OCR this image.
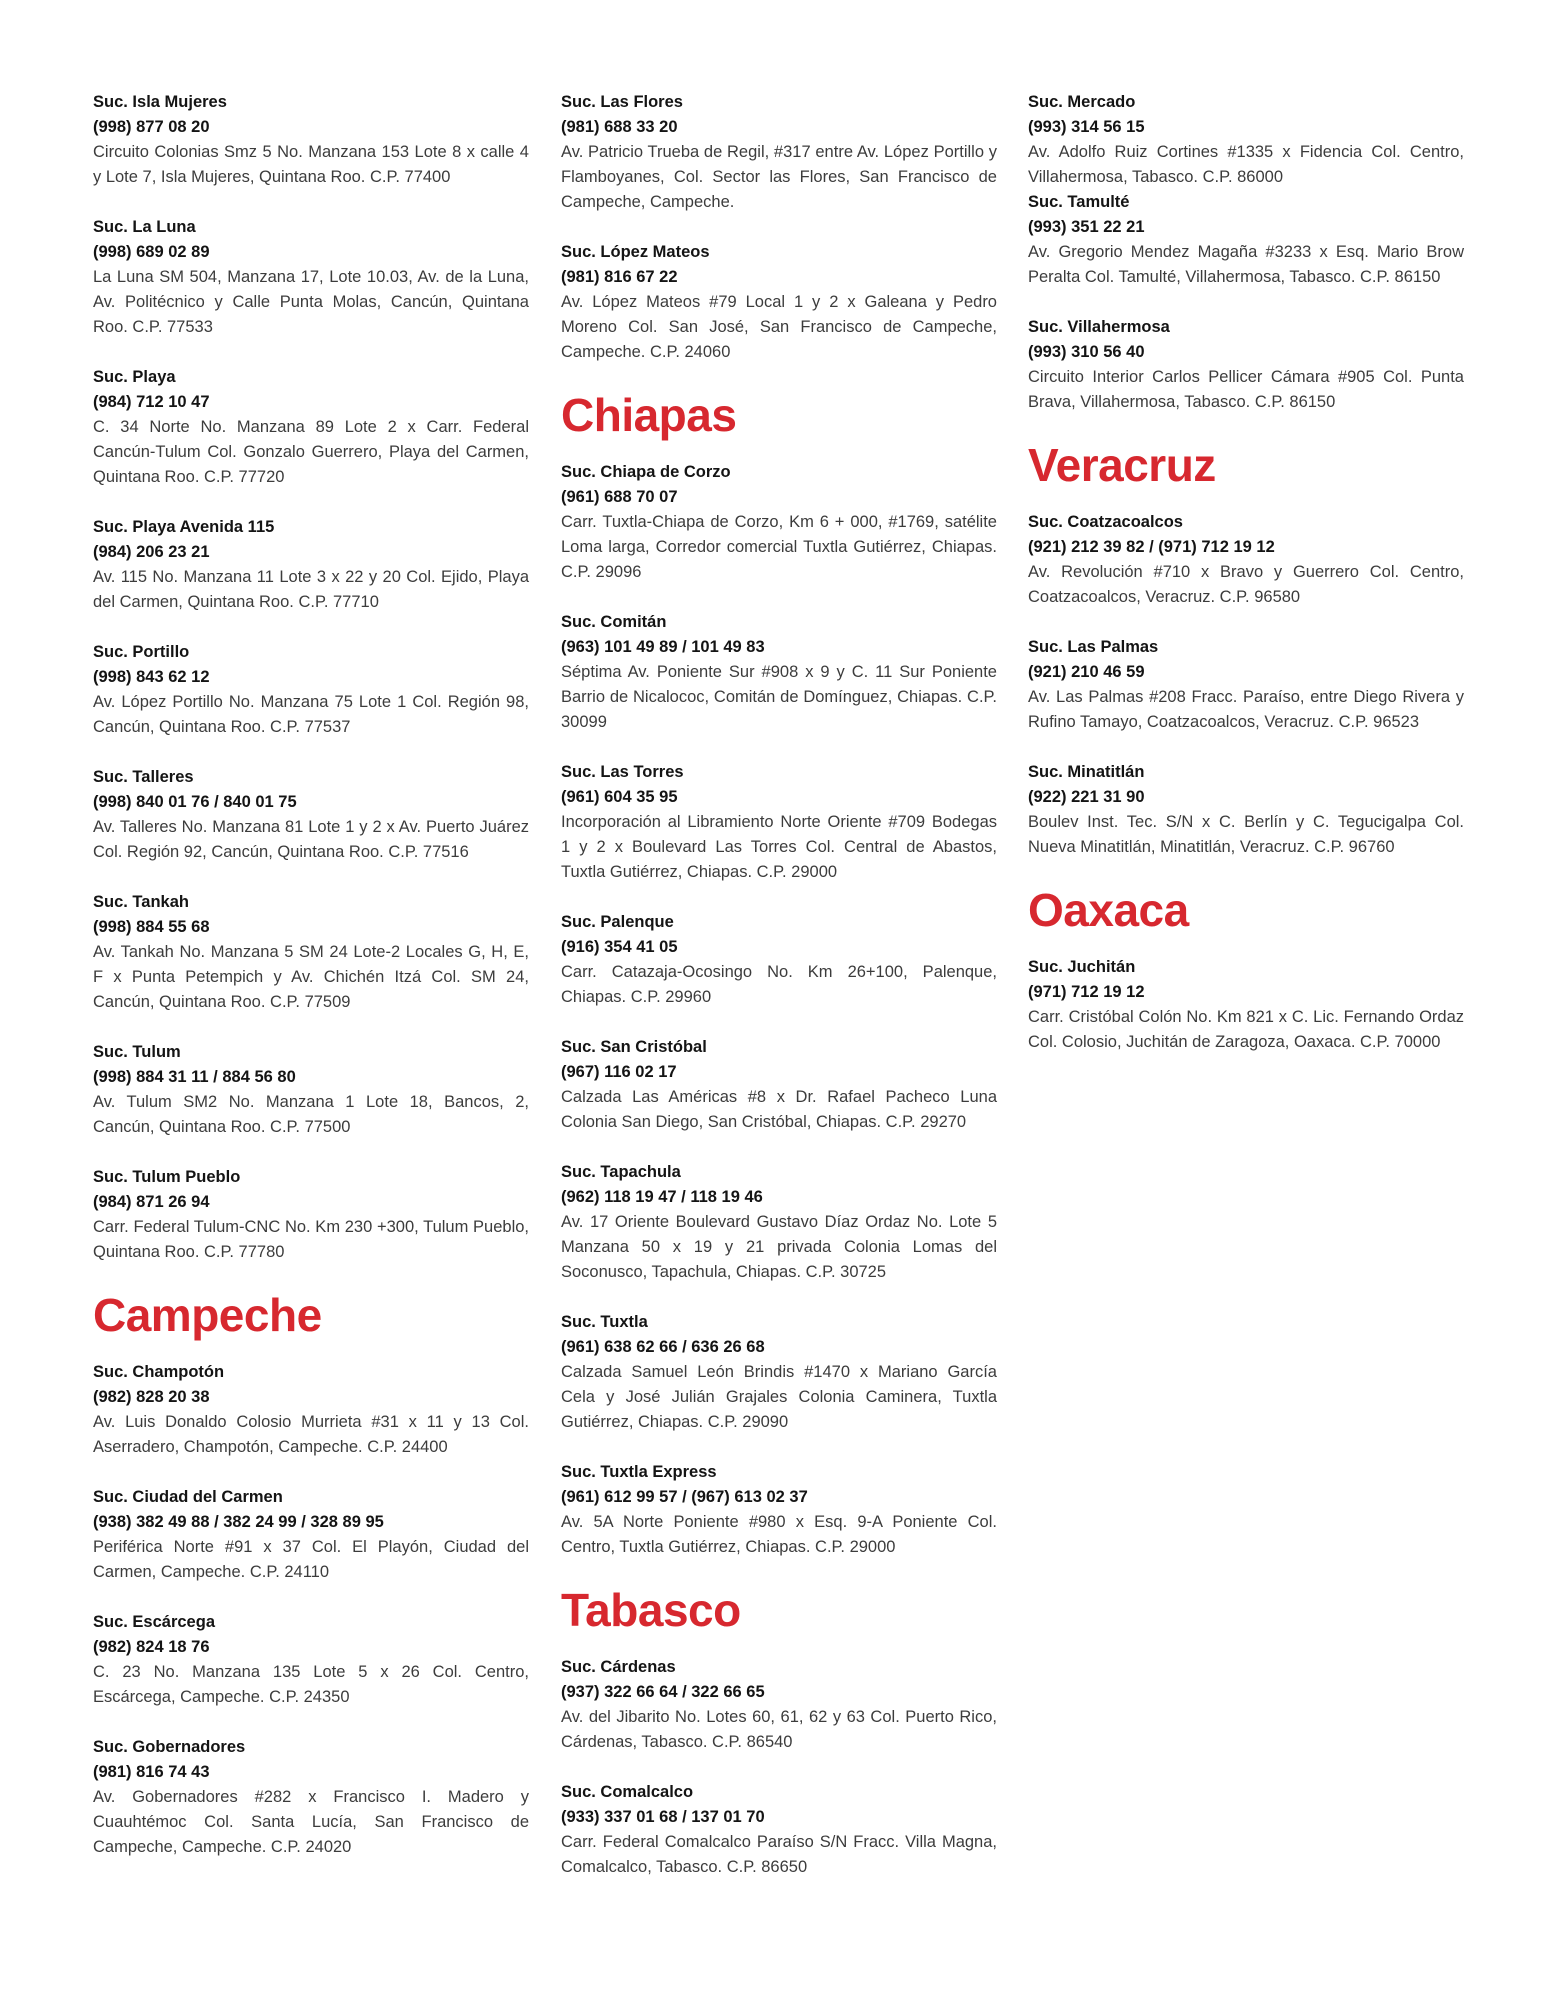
Suc. Isla Mujeres
(998) 877 08 20
Circuito Colonias Smz 5 No. Manzana 153 Lote 8 x calle 4 y Lote 7, Isla Mujeres, Quintana Roo. C.P. 77400
Suc. La Luna
(998) 689 02 89
La Luna SM 504, Manzana 17, Lote 10.03, Av. de la Luna, Av. Politécnico y Calle Punta Molas, Cancún, Quintana Roo. C.P. 77533
Suc. Playa
(984) 712 10 47
C. 34 Norte No. Manzana 89 Lote 2 x Carr. Federal Cancún-Tulum Col. Gonzalo Guerrero, Playa del Carmen, Quintana Roo. C.P. 77720
Suc. Playa Avenida 115
(984) 206 23 21
Av. 115 No. Manzana 11 Lote 3 x 22 y 20 Col. Ejido, Playa del Carmen, Quintana Roo. C.P. 77710
Suc. Portillo
(998) 843 62 12
Av. López Portillo No. Manzana 75 Lote 1 Col. Región 98, Cancún, Quintana Roo. C.P. 77537
Suc. Talleres
(998) 840 01 76 / 840 01 75
Av. Talleres No. Manzana 81 Lote 1 y 2 x Av. Puerto Juárez Col. Región 92, Cancún, Quintana Roo. C.P. 77516
Suc. Tankah
(998) 884 55 68
Av. Tankah No. Manzana 5 SM 24 Lote-2 Locales G, H, E, F x Punta Petempich y Av. Chichén Itzá Col. SM 24, Cancún, Quintana Roo. C.P. 77509
Suc. Tulum
(998) 884 31 11 / 884 56 80
Av. Tulum SM2 No. Manzana 1 Lote 18, Bancos, 2, Cancún, Quintana Roo. C.P. 77500
Suc. Tulum Pueblo
(984) 871 26 94
Carr. Federal Tulum-CNC No. Km 230 +300, Tulum Pueblo, Quintana Roo. C.P. 77780
Campeche
Suc. Champotón
(982) 828 20 38
Av. Luis Donaldo Colosio Murrieta #31 x 11 y 13 Col. Aserradero, Champotón, Campeche. C.P. 24400
Suc. Ciudad del Carmen
(938) 382 49 88 / 382 24 99 / 328 89 95
Periférica Norte #91 x 37 Col. El Playón, Ciudad del Carmen, Campeche. C.P. 24110
Suc. Escárcega
(982) 824 18 76
C. 23 No. Manzana 135 Lote 5 x 26 Col. Centro, Escárcega, Campeche. C.P. 24350
Suc. Gobernadores
(981) 816 74 43
Av. Gobernadores #282 x Francisco I. Madero y Cuauhtémoc Col. Santa Lucía, San Francisco de Campeche, Campeche. C.P. 24020
Suc. Las Flores
(981) 688 33 20
Av. Patricio Trueba de Regil, #317 entre Av. López Portillo y Flamboyanes, Col. Sector las Flores, San Francisco de Campeche, Campeche.
Suc. López Mateos
(981) 816 67 22
Av. López Mateos #79 Local 1 y 2 x Galeana y Pedro Moreno Col. San José, San Francisco de Campeche, Campeche. C.P. 24060
Chiapas
Suc. Chiapa de Corzo
(961) 688 70 07
Carr. Tuxtla-Chiapa de Corzo, Km 6 + 000, #1769, satélite Loma larga, Corredor comercial Tuxtla Gutiérrez, Chiapas. C.P. 29096
Suc. Comitán
(963) 101 49 89 / 101 49 83
Séptima Av. Poniente Sur #908 x 9 y C. 11 Sur Poniente Barrio de Nicalococ, Comitán de Domínguez, Chiapas. C.P. 30099
Suc. Las Torres
(961) 604 35 95
Incorporación al Libramiento Norte Oriente #709 Bodegas 1 y 2 x Boulevard Las Torres Col. Central de Abastos, Tuxtla Gutiérrez, Chiapas. C.P. 29000
Suc. Palenque
(916) 354 41 05
Carr. Catazaja-Ocosingo No. Km 26+100, Palenque, Chiapas. C.P. 29960
Suc. San Cristóbal
(967) 116 02 17
Calzada Las Américas #8 x Dr. Rafael Pacheco Luna Colonia San Diego, San Cristóbal, Chiapas. C.P. 29270
Suc. Tapachula
(962) 118 19 47 / 118 19 46
Av. 17 Oriente Boulevard Gustavo Díaz Ordaz No. Lote 5 Manzana 50 x 19 y 21 privada Colonia Lomas del Soconusco, Tapachula, Chiapas. C.P. 30725
Suc. Tuxtla
(961) 638 62 66 / 636 26 68
Calzada Samuel León Brindis #1470 x Mariano García Cela y José Julián Grajales Colonia Caminera, Tuxtla Gutiérrez, Chiapas. C.P. 29090
Suc. Tuxtla Express
(961) 612 99 57 / (967) 613 02 37
Av. 5A Norte Poniente #980 x Esq. 9-A Poniente Col. Centro, Tuxtla Gutiérrez, Chiapas. C.P. 29000
Tabasco
Suc. Cárdenas
(937) 322 66 64 / 322 66 65
Av. del Jibarito No. Lotes 60, 61, 62 y 63 Col. Puerto Rico, Cárdenas, Tabasco. C.P. 86540
Suc. Comalcalco
(933) 337 01 68 / 137 01 70
Carr. Federal Comalcalco Paraíso S/N Fracc. Villa Magna, Comalcalco, Tabasco. C.P. 86650
Suc. Mercado
(993) 314 56 15
Av. Adolfo Ruiz Cortines #1335 x Fidencia Col. Centro, Villahermosa, Tabasco. C.P. 86000
Suc. Tamulté
(993) 351 22 21
Av. Gregorio Mendez Magaña #3233 x Esq. Mario Brow Peralta Col. Tamulté, Villahermosa, Tabasco. C.P. 86150
Suc. Villahermosa
(993) 310 56 40
Circuito Interior Carlos Pellicer Cámara #905 Col. Punta Brava, Villahermosa, Tabasco. C.P. 86150
Veracruz
Suc. Coatzacoalcos
(921) 212 39 82 / (971) 712 19 12
Av. Revolución #710 x Bravo y Guerrero Col. Centro, Coatzacoalcos, Veracruz. C.P. 96580
Suc. Las Palmas
(921) 210 46 59
Av. Las Palmas #208 Fracc. Paraíso, entre Diego Rivera y Rufino Tamayo, Coatzacoalcos, Veracruz. C.P. 96523
Suc. Minatitlán
(922) 221 31 90
Boulev Inst. Tec. S/N x C. Berlín y C. Tegucigalpa Col. Nueva Minatitlán, Minatitlán, Veracruz. C.P. 96760
Oaxaca
Suc. Juchitán
(971) 712 19 12
Carr. Cristóbal Colón No. Km 821 x C. Lic. Fernando Ordaz Col. Colosio, Juchitán de Zaragoza, Oaxaca. C.P. 70000
